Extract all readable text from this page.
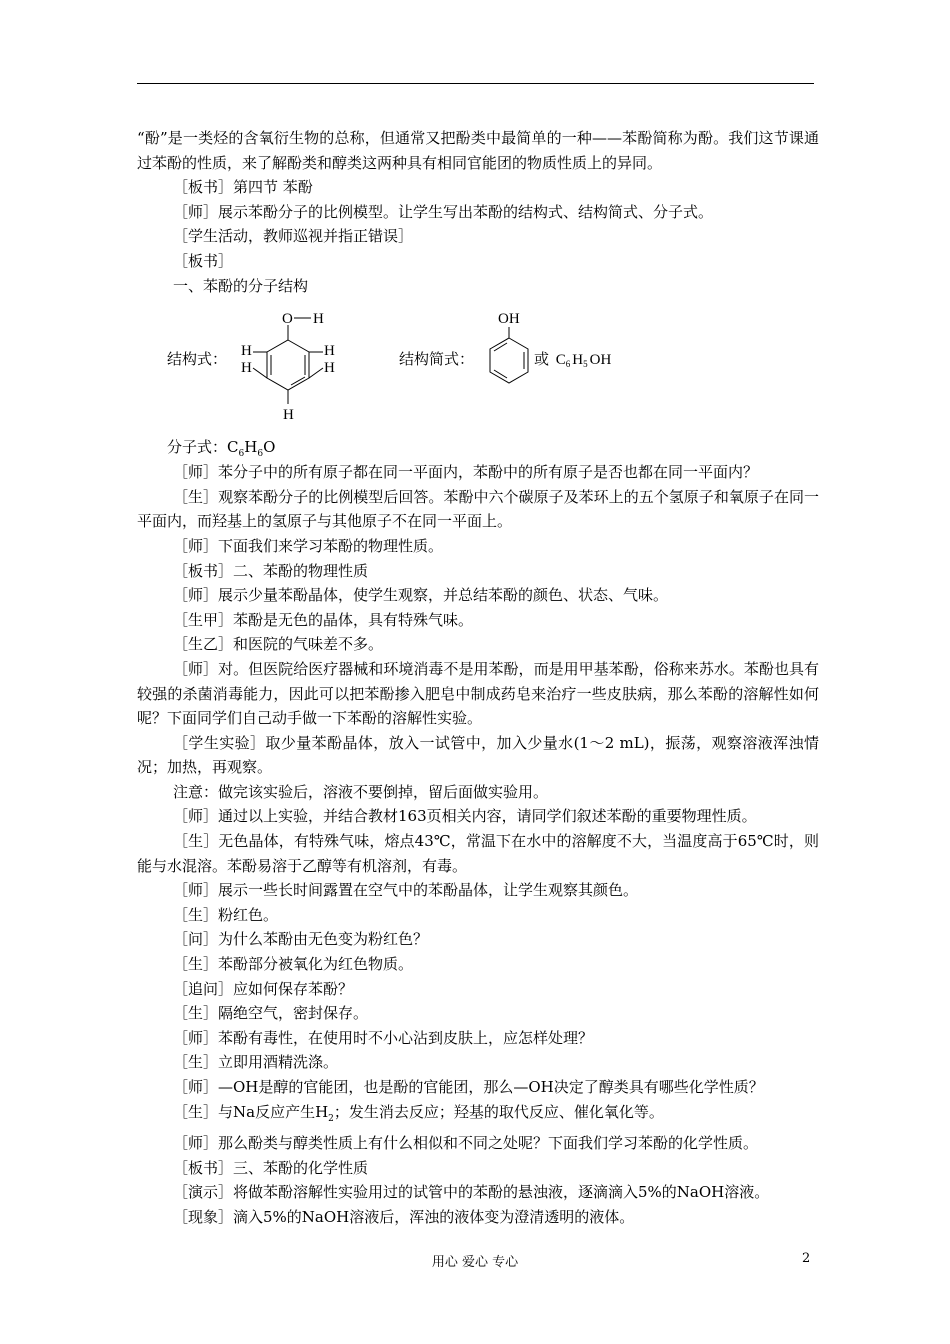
“酚”是一类烃的含氧衍生物的总称，但通常又把酚类中最简单的一种——苯酚简称为酚。我们这节课通过苯酚的性质，来了解酚类和醇类这两种具有相同官能团的物质性质上的异同。
［板书］第四节 苯酚
［师］展示苯酚分子的比例模型。让学生写出苯酚的结构式、结构简式、分子式。
［学生活动，教师巡视并指正错误］
［板书］
一、苯酚的分子结构
结构式：
O H
H
H
H
H
H
结构简式：
OH
或 $C_6$ $H_5$ OH
分子式：$C_6H_6O$
［师］苯分子中的所有原子都在同一平面内，苯酚中的所有原子是否也都在同一平面内？
［生］观察苯酚分子的比例模型后回答。苯酚中六个碳原子及苯环上的五个氢原子和氧原子在同一平面内，而羟基上的氢原子与其他原子不在同一平面上。
［师］下面我们来学习苯酚的物理性质。
［板书］二、苯酚的物理性质
［师］展示少量苯酚晶体，使学生观察，并总结苯酚的颜色、状态、气味。
［生甲］苯酚是无色的晶体，具有特殊气味。
［生乙］和医院的气味差不多。
［师］对。但医院给医疗器械和环境消毒不是用苯酚，而是用甲基苯酚，俗称来苏水。苯酚也具有较强的杀菌消毒能力，因此可以把苯酚掺入肥皂中制成药皂来治疗一些皮肤病，那么苯酚的溶解性如何呢？下面同学们自己动手做一下苯酚的溶解性实验。
［学生实验］取少量苯酚晶体，放入一试管中，加入少量水(1～2 mL)，振荡，观察溶液浑浊情况；加热，再观察。
注意：做完该实验后，溶液不要倒掉，留后面做实验用。
［师］通过以上实验，并结合教材163页相关内容，请同学们叙述苯酚的重要物理性质。
［生］无色晶体，有特殊气味，熔点43℃，常温下在水中的溶解度不大，当温度高于65℃时，则能与水混溶。苯酚易溶于乙醇等有机溶剂，有毒。
［师］展示一些长时间露置在空气中的苯酚晶体，让学生观察其颜色。
［生］粉红色。
［问］为什么苯酚由无色变为粉红色？
［生］苯酚部分被氧化为红色物质。
［追问］应如何保存苯酚？
［生］隔绝空气，密封保存。
［师］苯酚有毒性，在使用时不小心沾到皮肤上，应怎样处理？
［生］立即用酒精洗涤。
［师］—OH是醇的官能团，也是酚的官能团，那么—OH决定了醇类具有哪些化学性质？
［生］与Na反应产生$H_2$；发生消去反应；羟基的取代反应、催化氧化等。
［师］那么酚类与醇类性质上有什么相似和不同之处呢？下面我们学习苯酚的化学性质。
［板书］三、苯酚的化学性质
［演示］将做苯酚溶解性实验用过的试管中的苯酚的悬浊液，逐滴滴入5%的NaOH溶液。
［现象］滴入5%的NaOH溶液后，浑浊的液体变为澄清透明的液体。
用心 爱心 专心	2
